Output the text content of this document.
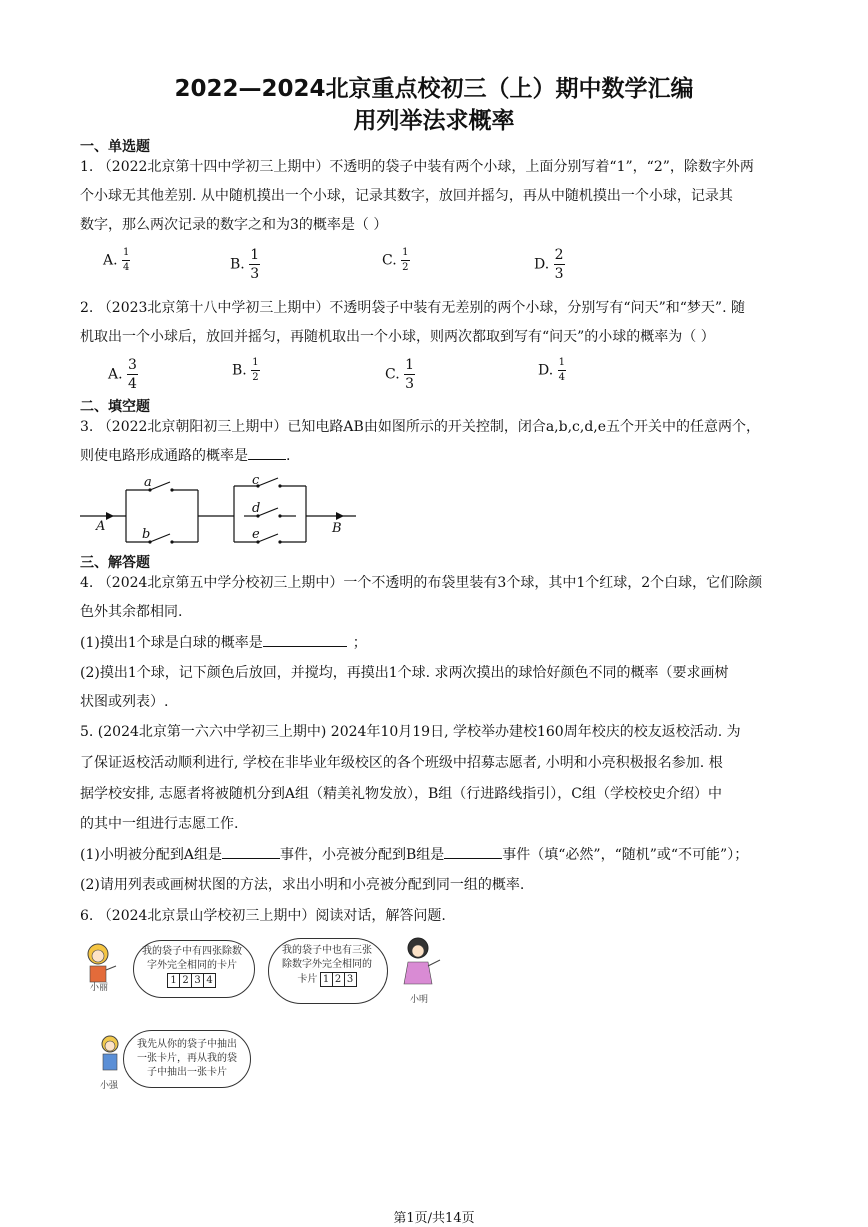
2022—2024北京重点校初三（上）期中数学汇编
用列举法求概率
一、单选题
1. （2022北京第十四中学初三上期中）不透明的袋子中装有两个小球，上面分别写着“1”，“2”，除数字外两
个小球无其他差别. 从中随机摸出一个小球，记录其数字，放回并摇匀，再从中随机摸出一个小球，记录其
数字，那么两次记录的数字之和为3的概率是（ ）
A. $\frac{1}{4}$	B. $\frac{1}{3}$	C. $\frac{1}{2}$	D. $\frac{2}{3}$
2. （2023北京第十八中学初三上期中）不透明袋子中装有无差别的两个小球，分别写有“问天”和“梦天”. 随
机取出一个小球后，放回并摇匀，再随机取出一个小球，则两次都取到写有“问天”的小球的概率为（ ）
A. $\frac{3}{4}$	B. $\frac{1}{2}$	C. $\frac{1}{3}$	D. $\frac{1}{4}$
二、填空题
3. （2022北京朝阳初三上期中）已知电路AB由如图所示的开关控制，闭合a,b,c,d,e五个开关中的任意两个，
则使电路形成通路的概率是	.
A	B
a
b
c
d
e
三、解答题
4. （2024北京第五中学分校初三上期中）一个不透明的布袋里装有3个球，其中1个红球，2个白球，它们除颜
色外其余都相同.
(1)摸出1个球是白球的概率是	；
(2)摸出1个球，记下颜色后放回，并搅均，再摸出1个球. 求两次摸出的球恰好颜色不同的概率（要求画树
状图或列表）.
5. (2024北京第一六六中学初三上期中) 2024年10月19日, 学校举办建校160周年校庆的校友返校活动. 为
了保证返校活动顺利进行, 学校在非毕业年级校区的各个班级中招募志愿者, 小明和小亮积极报名参加. 根
据学校安排, 志愿者将被随机分到A组（精美礼物发放），B组（行进路线指引），C组（学校校史介绍）中
的其中一组进行志愿工作.
(1)小明被分配到A组是	事件，小亮被分配到B组是	事件（填“必然”，“随机”或“不可能”）；
(2)请用列表或画树状图的方法，求出小明和小亮被分配到同一组的概率.
6. （2024北京景山学校初三上期中）阅读对话，解答问题.
小丽
我的袋子中有四张除数字外完全相同的卡片 1 2 3 4
我的袋子中也有三张除数字外完全相同的卡片 1 2 3
小明
小强
我先从你的袋子中抽出一张卡片，再从我的袋子中抽出一张卡片
第1页/共14页
